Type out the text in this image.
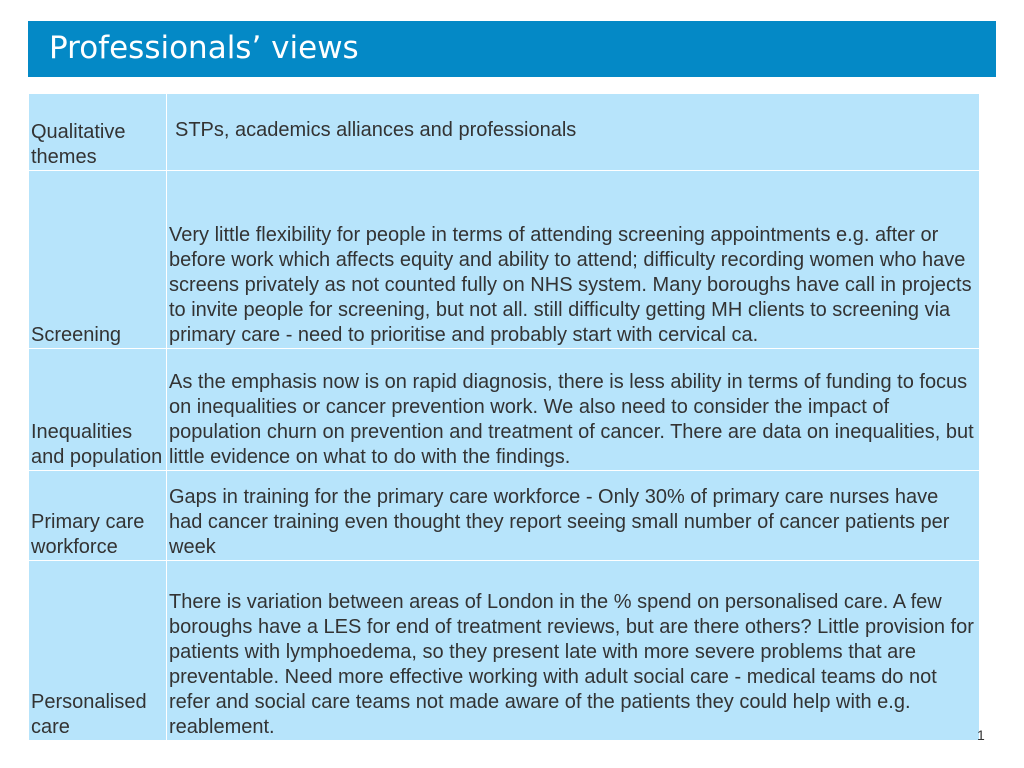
Professionals’ views
Qualitative themes	STPs, academics alliances and professionals
Screening	Very little flexibility for people in terms of attending screening appointments e.g. after or before work which affects equity and ability to attend; difficulty recording women who have screens privately as not counted fully on NHS system. Many boroughs have call in projects to invite people for screening, but not all. still difficulty getting MH clients to screening via primary care - need to prioritise and probably start with cervical ca.
Inequalities and population	As the emphasis now is on rapid diagnosis, there is less ability in terms of funding to focus on inequalities or cancer prevention work. We also need to consider the impact of population churn on prevention and treatment of cancer. There are data on inequalities, but little evidence on what to do with the findings.
Primary care workforce	Gaps in training for the primary care workforce - Only 30% of primary care nurses have had cancer training even thought they report seeing small number of cancer patients per week
Personalised care	There is variation between areas of London in the % spend on personalised care. A few boroughs have a LES for end of treatment reviews, but are there others? Little provision for patients with lymphoedema, so they present late with more severe problems that are preventable. Need more effective working with adult social care - medical teams do not refer and social care teams not made aware of the patients they could help with e.g. reablement.	1
